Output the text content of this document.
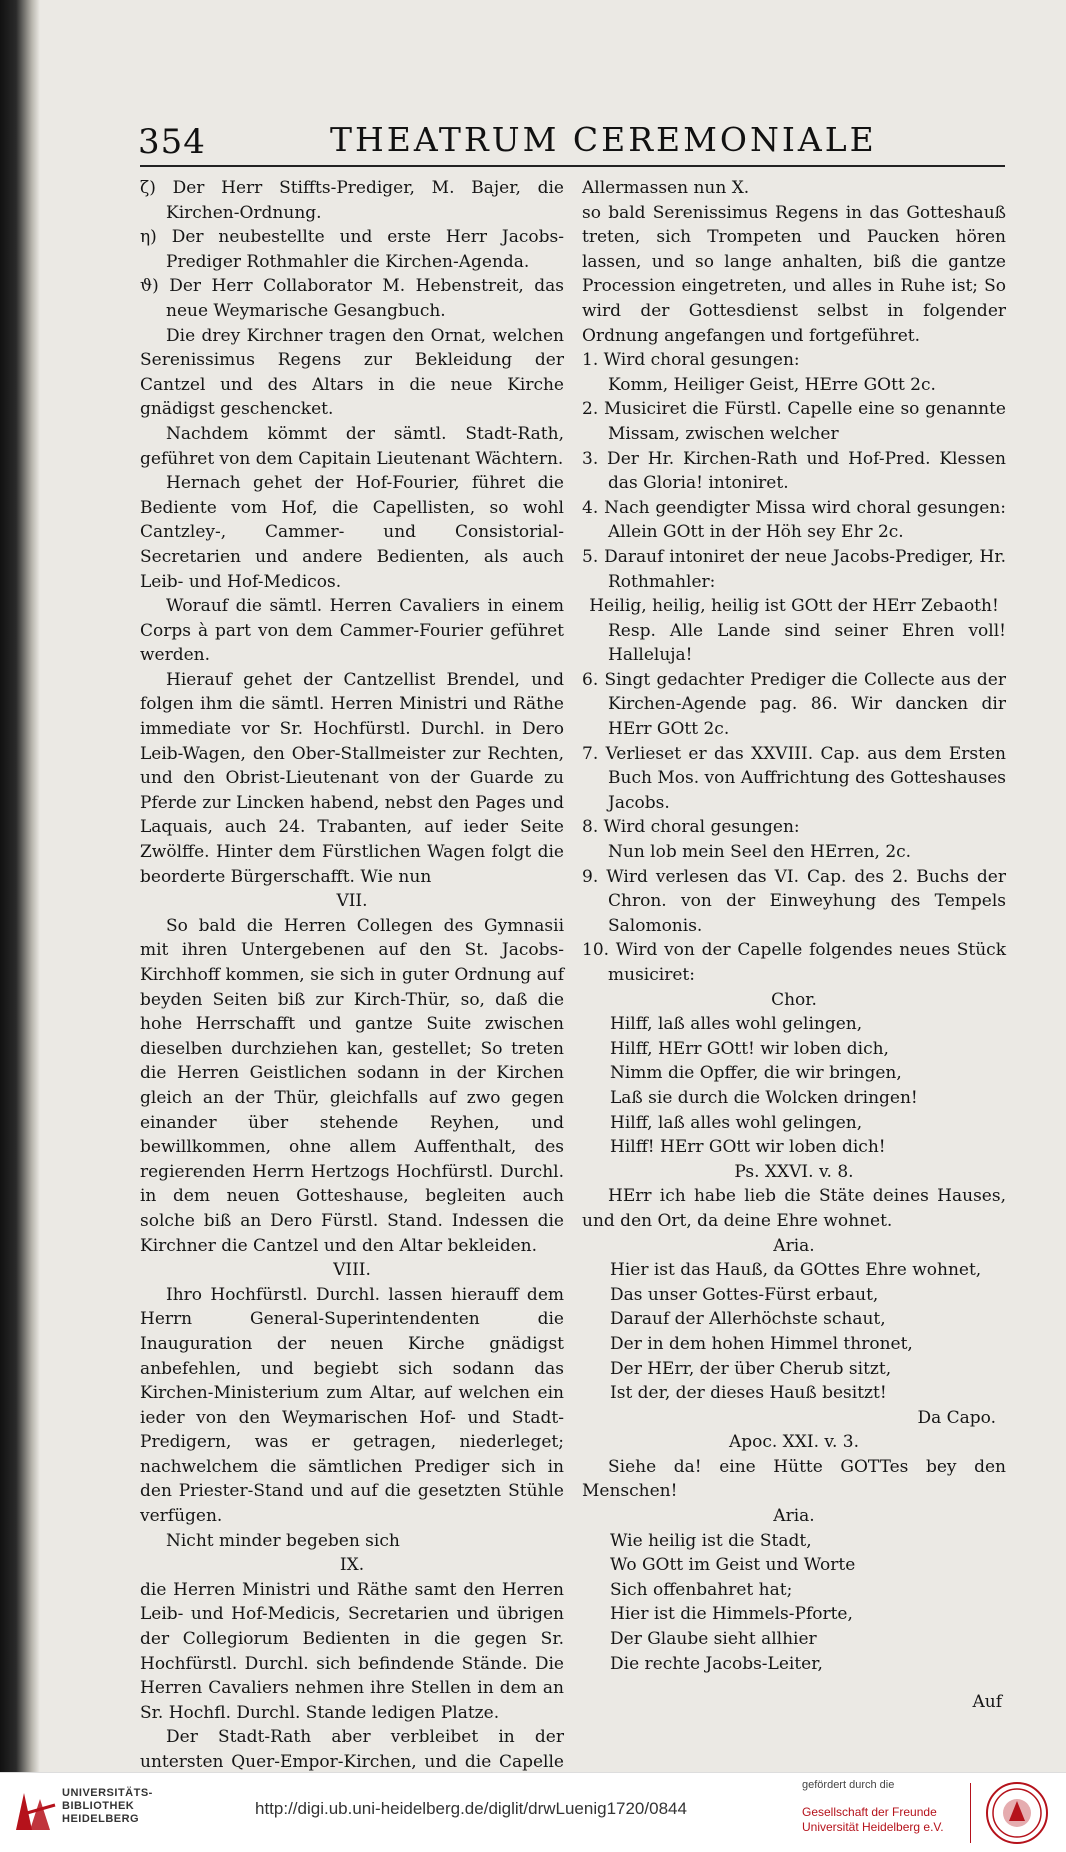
354	THEATRUM CEREMONIALE

ζ) Der Herr Stiffts-Prediger, M. Bajer, die Kirchen-Ordnung.

η) Der neubestellte und erste Herr Jacobs-Prediger Rothmahler die Kirchen-Agenda.

ϑ) Der Herr Collaborator M. Hebenstreit, das neue Weymarische Gesangbuch.

Die drey Kirchner tragen den Ornat, welchen Serenissimus Regens zur Bekleidung der Cantzel und des Altars in die neue Kirche gnädigst geschencket.

Nachdem kömmt der sämtl. Stadt-Rath, geführet von dem Capitain Lieutenant Wächtern.

Hernach gehet der Hof-Fourier, führet die Bediente vom Hof, die Capellisten, so wohl Cantzley-, Cammer- und Consistorial-Secretarien und andere Bedienten, als auch Leib- und Hof-Medicos.

Worauf die sämtl. Herren Cavaliers in einem Corps à part von dem Cammer-Fourier geführet werden.

Hierauf gehet der Cantzellist Brendel, und folgen ihm die sämtl. Herren Ministri und Räthe immediate vor Sr. Hochfürstl. Durchl. in Dero Leib-Wagen, den Ober-Stallmeister zur Rechten, und den Obrist-Lieutenant von der Guarde zu Pferde zur Lincken habend, nebst den Pages und Laquais, auch 24. Trabanten, auf ieder Seite Zwölffe. Hinter dem Fürstlichen Wagen folgt die beorderte Bürgerschafft. Wie nun

VII.

So bald die Herren Collegen des Gymnasii mit ihren Untergebenen auf den St. Jacobs-Kirchhoff kommen, sie sich in guter Ordnung auf beyden Seiten biß zur Kirch-Thür, so, daß die hohe Herrschafft und gantze Suite zwischen dieselben durchziehen kan, gestellet; So treten die Herren Geistlichen sodann in der Kirchen gleich an der Thür, gleichfalls auf zwo gegen einander über stehende Reyhen, und bewillkommen, ohne allem Auffenthalt, des regierenden Herrn Hertzogs Hochfürstl. Durchl. in dem neuen Gotteshause, begleiten auch solche biß an Dero Fürstl. Stand. Indessen die Kirchner die Cantzel und den Altar bekleiden.

VIII.

Ihro Hochfürstl. Durchl. lassen hierauff dem Herrn General-Superintendenten die Inauguration der neuen Kirche gnädigst anbefehlen, und begiebt sich sodann das Kirchen-Ministerium zum Altar, auf welchen ein ieder von den Weymarischen Hof- und Stadt-Predigern, was er getragen, niederleget; nachwelchem die sämtlichen Prediger sich in den Priester-Stand und auf die gesetzten Stühle verfügen.

Nicht minder begeben sich

IX.

die Herren Ministri und Räthe samt den Herren Leib- und Hof-Medicis, Secretarien und übrigen der Collegiorum Bedienten in die gegen Sr. Hochfürstl. Durchl. sich befindende Stände. Die Herren Cavaliers nehmen ihre Stellen in dem an Sr. Hochfl. Durchl. Stande ledigen Platze.

Der Stadt-Rath aber verbleibet in der untersten Quer-Empor-Kirchen, und die Capelle

Allermassen nun X.

so bald Serenissimus Regens in das Gotteshauß treten, sich Trompeten und Paucken hören lassen, und so lange anhalten, biß die gantze Procession eingetreten, und alles in Ruhe ist; So wird der Gottesdienst selbst in folgender Ordnung angefangen und fortgeführet.

1. Wird choral gesungen:

Komm, Heiliger Geist, HErre GOtt 2c.

2. Musiciret die Fürstl. Capelle eine so genannte Missam, zwischen welcher

3. Der Hr. Kirchen-Rath und Hof-Pred. Klessen das Gloria! intoniret.

4. Nach geendigter Missa wird choral gesungen: Allein GOtt in der Höh sey Ehr 2c.

5. Darauf intoniret der neue Jacobs-Prediger, Hr. Rothmahler:

Heilig, heilig, heilig ist GOtt der HErr Zebaoth!

Resp. Alle Lande sind seiner Ehren voll! Halleluja!

6. Singt gedachter Prediger die Collecte aus der Kirchen-Agende pag. 86. Wir dancken dir HErr GOtt 2c.

7. Verlieset er das XXVIII. Cap. aus dem Ersten Buch Mos. von Auffrichtung des Gotteshauses Jacobs.

8. Wird choral gesungen:

Nun lob mein Seel den HErren, 2c.

9. Wird verlesen das VI. Cap. des 2. Buchs der Chron. von der Einweyhung des Tempels Salomonis.

10. Wird von der Capelle folgendes neues Stück musiciret:

Chor.

Hilff, laß alles wohl gelingen,

Hilff, HErr GOtt! wir loben dich,

Nimm die Opffer, die wir bringen,

Laß sie durch die Wolcken dringen!

Hilff, laß alles wohl gelingen,

Hilff! HErr GOtt wir loben dich!

Ps. XXVI. v. 8.

HErr ich habe lieb die Stäte deines Hauses, und den Ort, da deine Ehre wohnet.

Aria.

Hier ist das Hauß, da GOttes Ehre wohnet,

Das unser Gottes-Fürst erbaut,

Darauf der Allerhöchste schaut,

Der in dem hohen Himmel thronet,

Der HErr, der über Cherub sitzt,

Ist der, der dieses Hauß besitzt!

Da Capo.

Apoc. XXI. v. 3.

Siehe da! eine Hütte GOTTes bey den Menschen!

Aria.

Wie heilig ist die Stadt,

Wo GOtt im Geist und Worte

Sich offenbahret hat;

Hier ist die Himmels-Pforte,

Der Glaube sieht allhier

Die rechte Jacobs-Leiter,

Auf

UNIVERSITÄTS-
BIBLIOTHEK
HEIDELBERG
http://digi.ub.uni-heidelberg.de/diglit/drwLuenig1720/0844
gefördert durch die
Gesellschaft der Freunde
Universität Heidelberg e.V.
